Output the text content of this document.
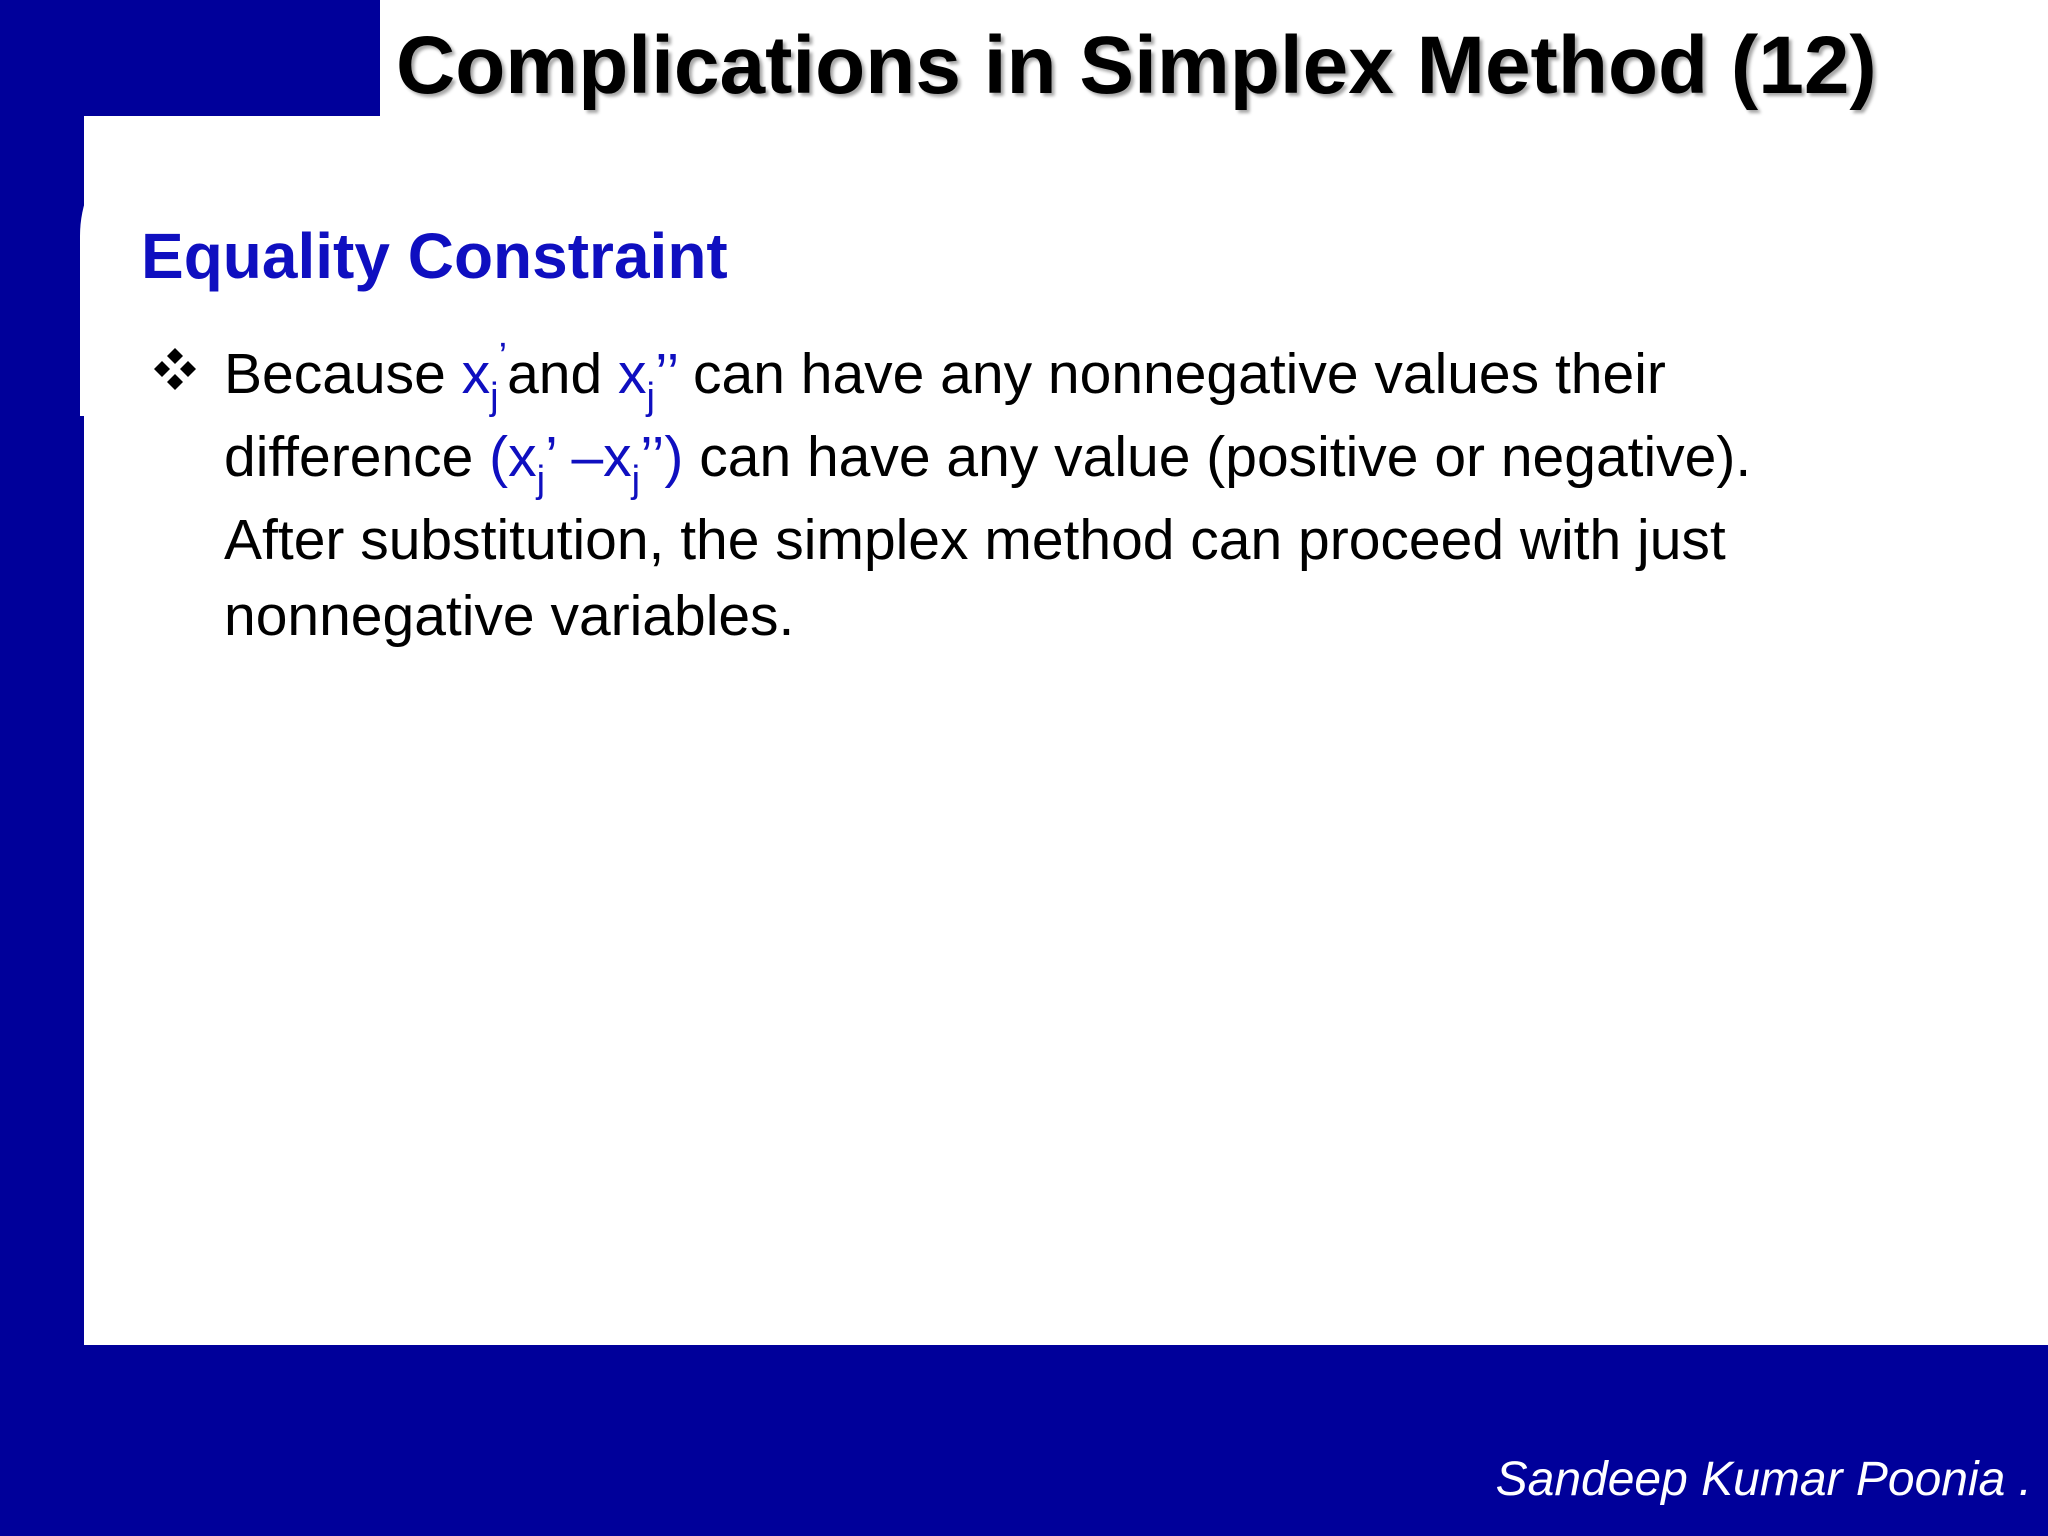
Complications in Simplex Method (12)
Equality Constraint
Because $x_j^’and$ $x_j$’’ can have any nonnegative values their
difference ($x_j$’ $-x_j$’’) can have any value (positive or negative).
After substitution, the simplex method can proceed with just
nonnegative variables.
Sandeep Kumar Poonia .
